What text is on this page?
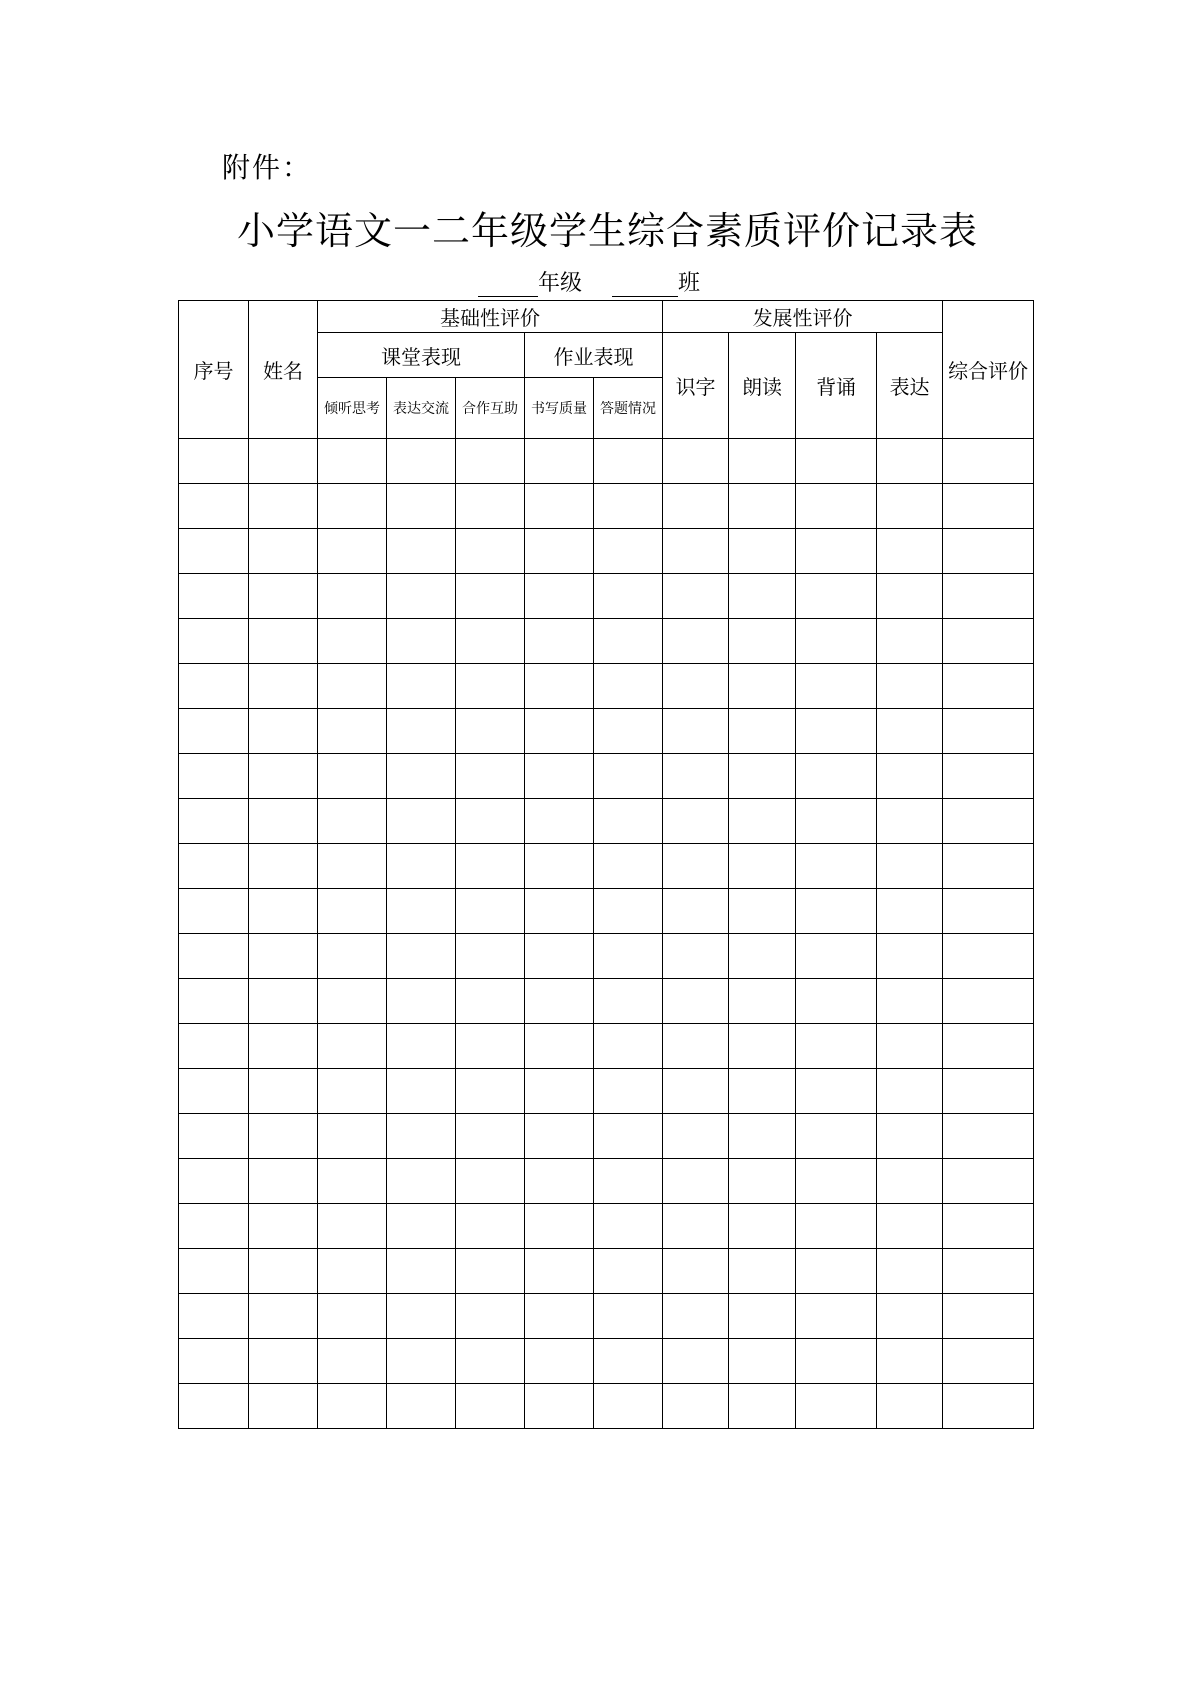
附件：
小学语文一二年级学生综合素质评价记录表
年级	班
序号	姓名	基础性评价					发展性评价				综合评价
		课堂表现			作业表现		识字	朗读	背诵	表达	
		倾听思考	表达交流	合作互助	书写质量	答题情况					
